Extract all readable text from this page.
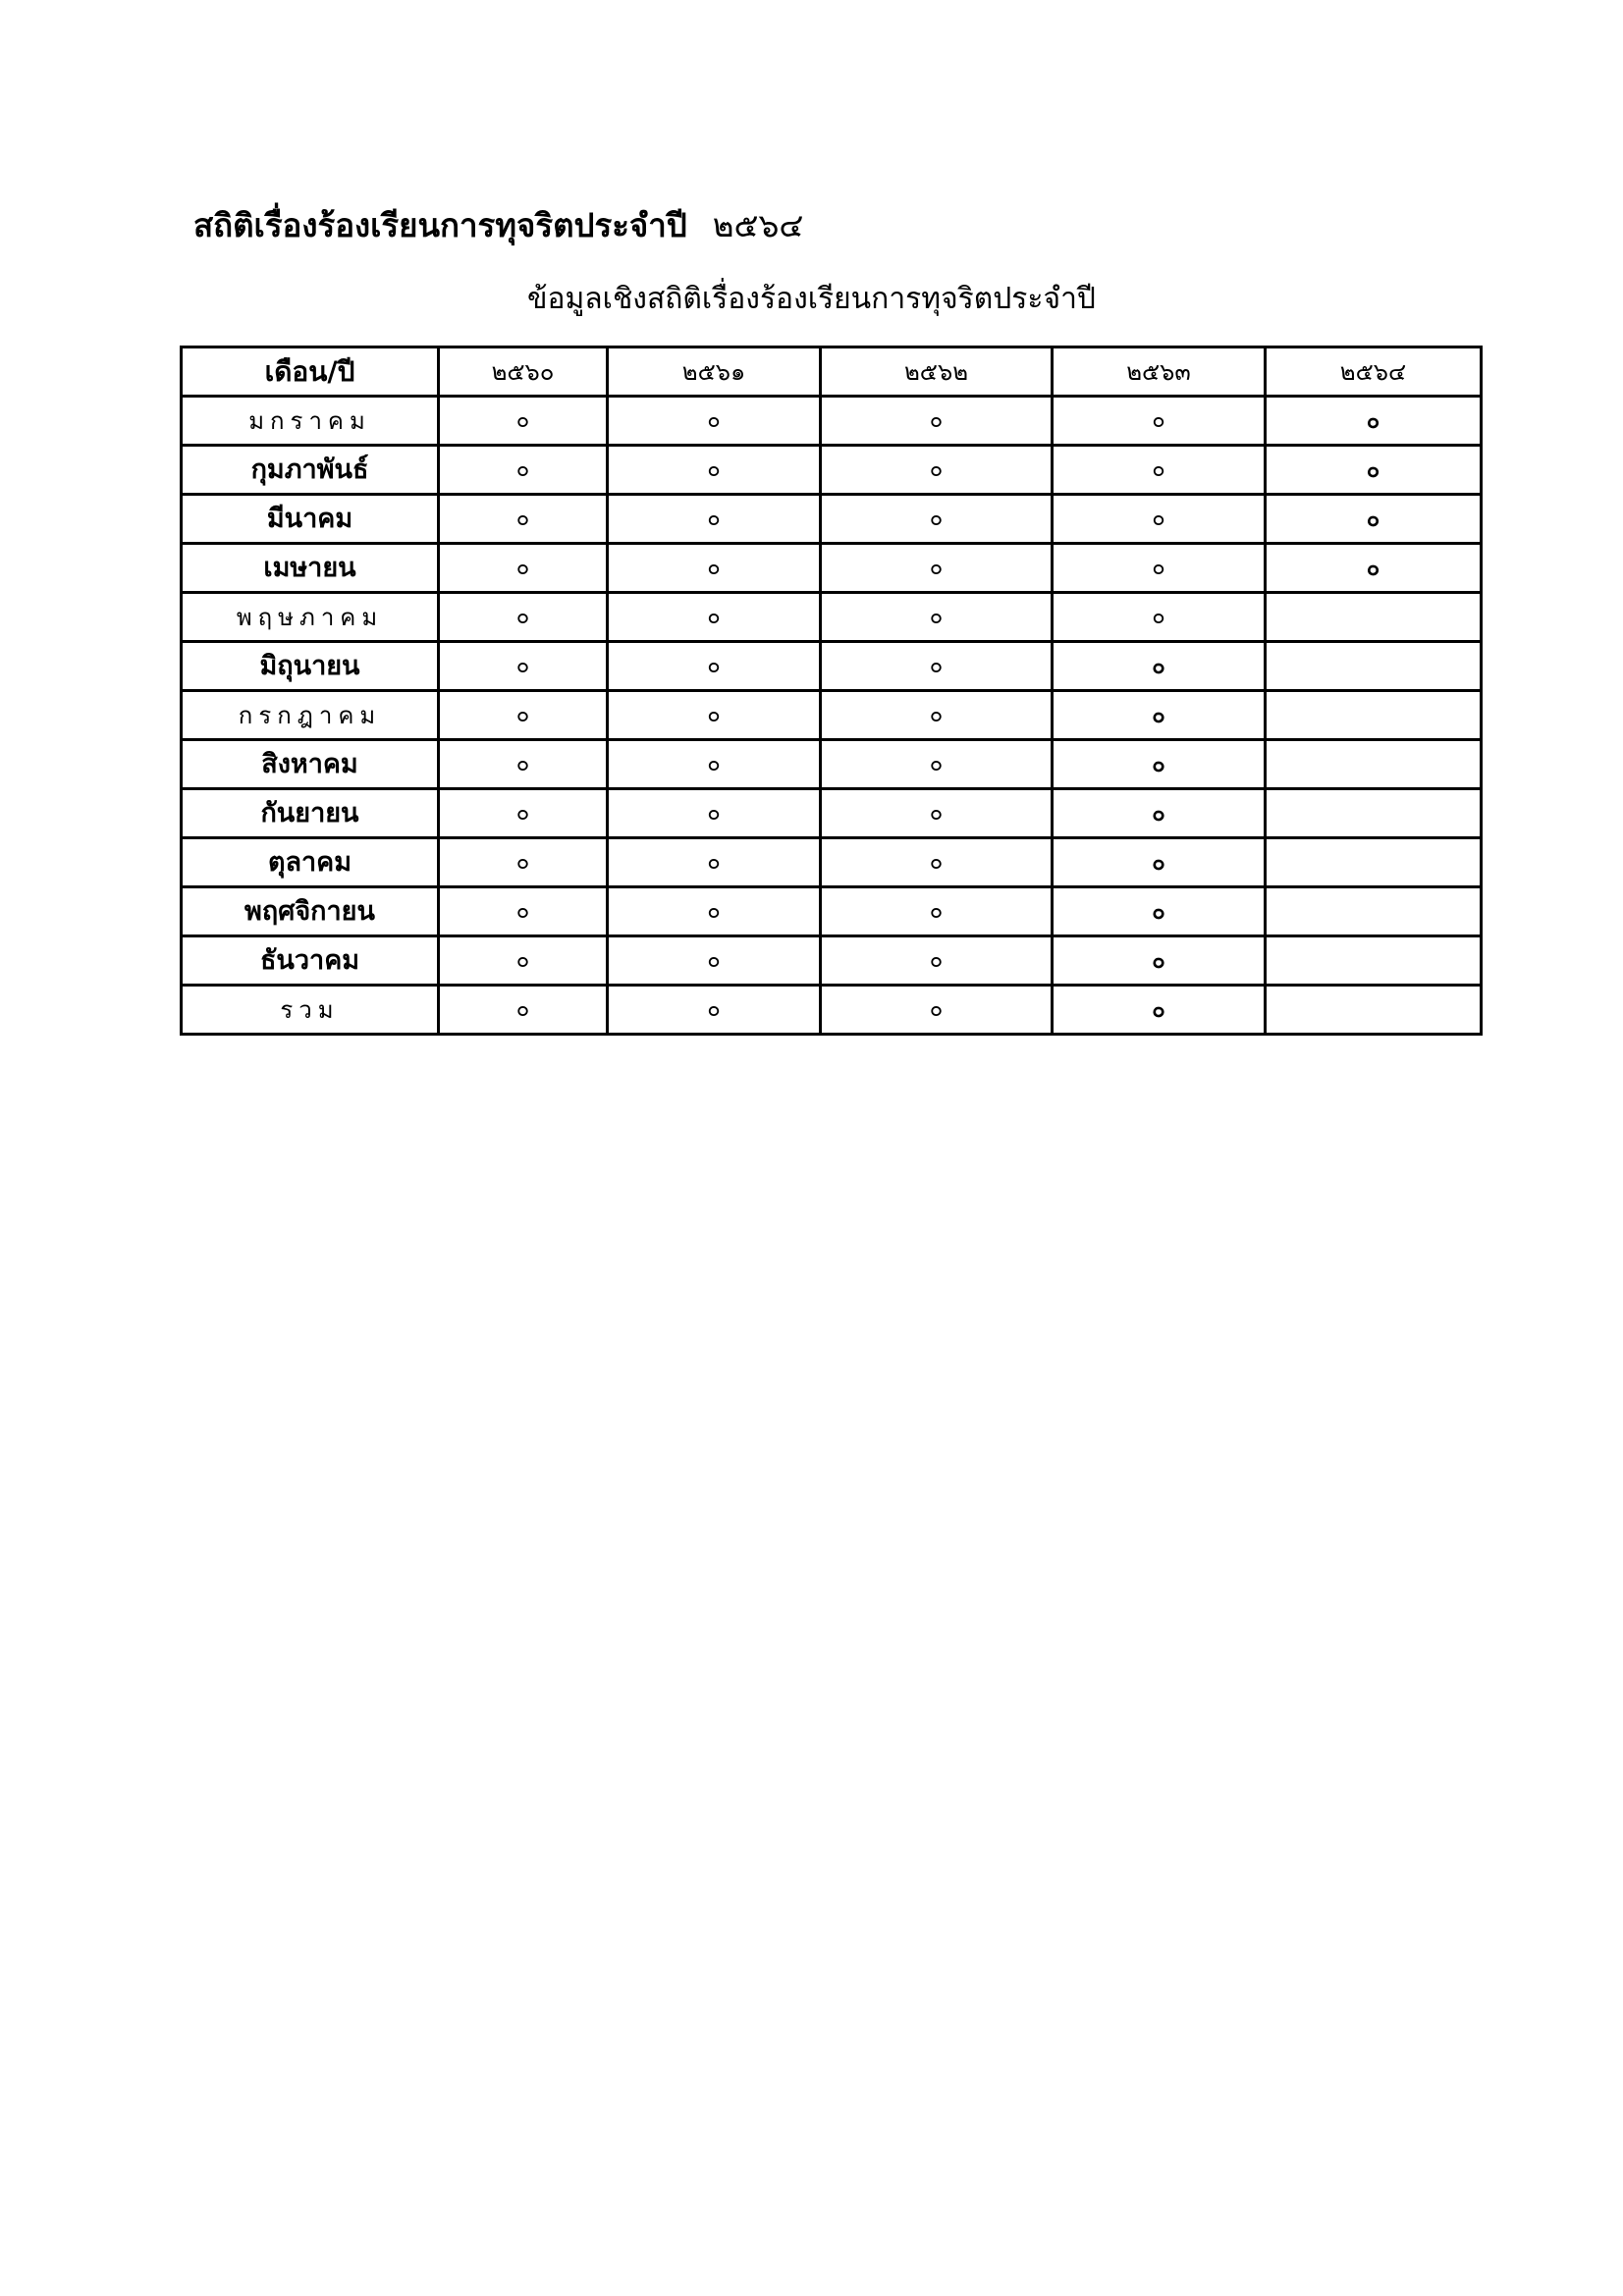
สถิติเรื่องร้องเรียนการทุจริตประจำปี ๒๕๖๔
ข้อมูลเชิงสถิติเรื่องร้องเรียนการทุจริตประจำปี
เดือน/ปี	๒๕๖๐	๒๕๖๑	๒๕๖๒	๒๕๖๓	๒๕๖๔
มกราคม	๐	๐	๐	๐	๐
กุมภาพันธ์	๐	๐	๐	๐	๐
มีนาคม	๐	๐	๐	๐	๐
เมษายน	๐	๐	๐	๐	๐
พฤษภาคม	๐	๐	๐	๐	
มิถุนายน	๐	๐	๐	๐	
กรกฎาคม	๐	๐	๐	๐	
สิงหาคม	๐	๐	๐	๐	
กันยายน	๐	๐	๐	๐	
ตุลาคม	๐	๐	๐	๐	
พฤศจิกายน	๐	๐	๐	๐	
ธันวาคม	๐	๐	๐	๐	
รวม	๐	๐	๐	๐	
